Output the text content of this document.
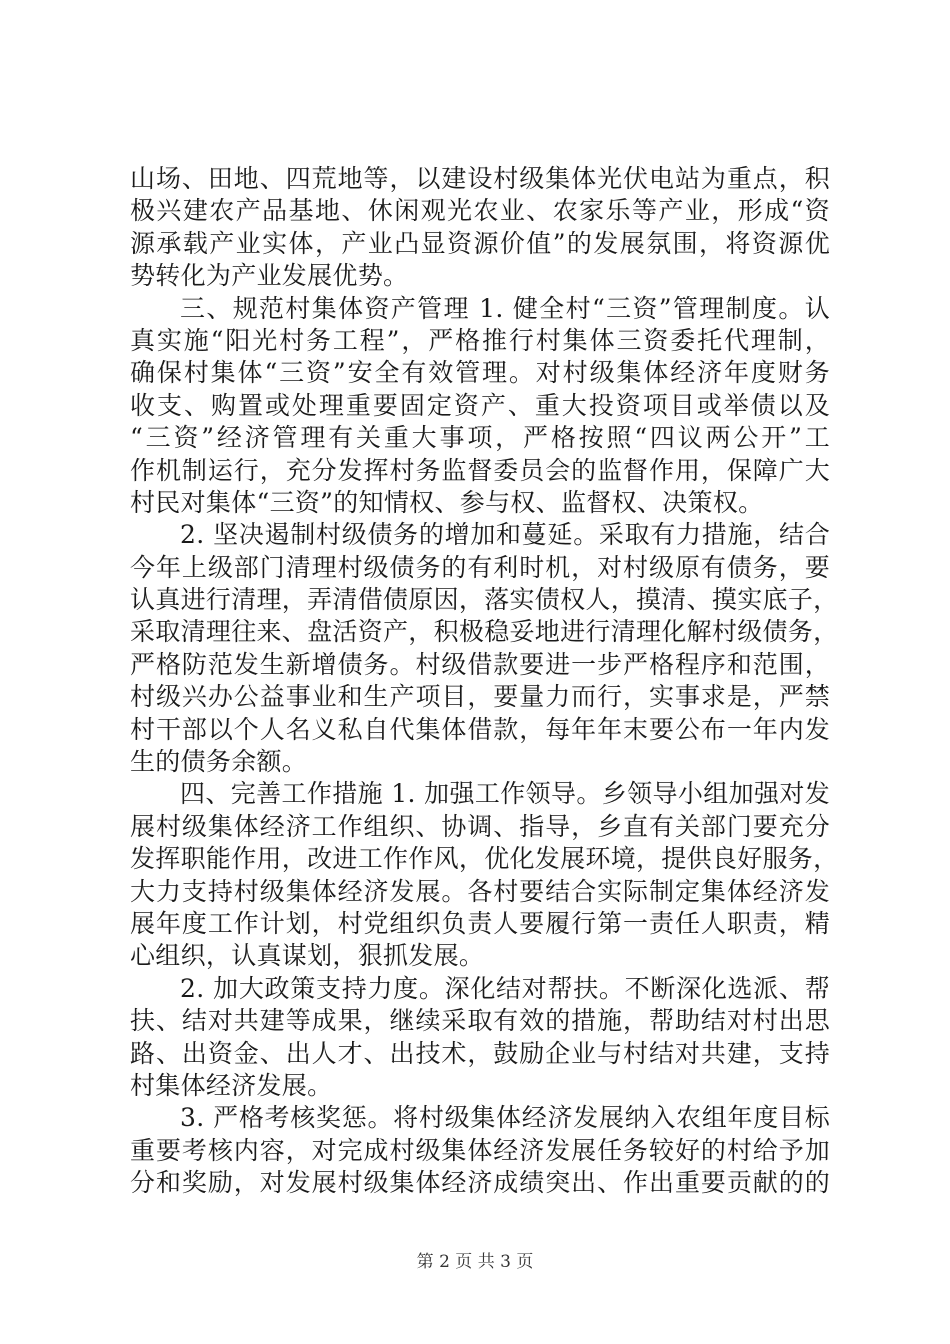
山场、田地、四荒地等，以建设村级集体光伏电站为重点，积
极兴建农产品基地、休闲观光农业、农家乐等产业，形成“资
源承载产业实体，产业凸显资源价值”的发展氛围，将资源优
势转化为产业发展优势。
三、规范村集体资产管理 1. 健全村“三资”管理制度。认
真实施“阳光村务工程”，严格推行村集体三资委托代理制，
确保村集体“三资”安全有效管理。对村级集体经济年度财务
收支、购置或处理重要固定资产、重大投资项目或举债以及
“三资”经济管理有关重大事项，严格按照“四议两公开”工
作机制运行，充分发挥村务监督委员会的监督作用，保障广大
村民对集体“三资”的知情权、参与权、监督权、决策权。
2. 坚决遏制村级债务的增加和蔓延。采取有力措施，结合
今年上级部门清理村级债务的有利时机，对村级原有债务，要
认真进行清理，弄清借债原因，落实债权人，摸清、摸实底子，
采取清理往来、盘活资产，积极稳妥地进行清理化解村级债务，
严格防范发生新增债务。村级借款要进一步严格程序和范围，
村级兴办公益事业和生产项目，要量力而行，实事求是，严禁
村干部以个人名义私自代集体借款，每年年末要公布一年内发
生的债务余额。
四、完善工作措施 1. 加强工作领导。乡领导小组加强对发
展村级集体经济工作组织、协调、指导，乡直有关部门要充分
发挥职能作用，改进工作作风，优化发展环境，提供良好服务，
大力支持村级集体经济发展。各村要结合实际制定集体经济发
展年度工作计划，村党组织负责人要履行第一责任人职责，精
心组织，认真谋划，狠抓发展。
2. 加大政策支持力度。深化结对帮扶。不断深化选派、帮
扶、结对共建等成果，继续采取有效的措施，帮助结对村出思
路、出资金、出人才、出技术，鼓励企业与村结对共建，支持
村集体经济发展。
3. 严格考核奖惩。将村级集体经济发展纳入农组年度目标
重要考核内容，对完成村级集体经济发展任务较好的村给予加
分和奖励，对发展村级集体经济成绩突出、作出重要贡献的的
第 2 页 共 3 页
